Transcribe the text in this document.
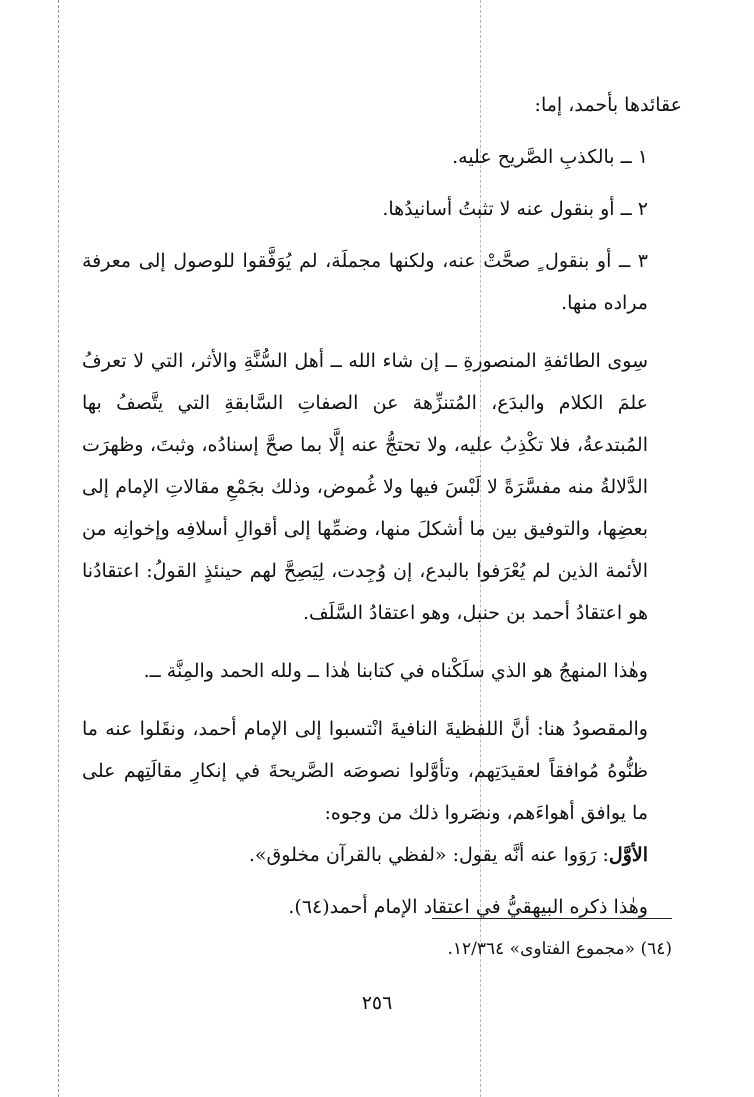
عقائدها بأحمد، إما:

١ ــ بالكذبِ الصَّريح عليه.

٢ ــ أو بنقول عنه لا تثبتُ أسانيدُها.

٣ ــ أو بنقول ٍ صحَّتْ عنه، ولكنها مجملَة، لم يُوَفَّقوا للوصول إلى معرفة مراده منها.

سِوى الطائفةِ المنصورةِ ــ إن شاء الله ــ أهل السُّنَّةِ والأثر، التي لا تعرفُ علمَ الكلام والبدَع، المُتنزِّهة عن الصفاتِ السَّابقةِ التي يتَّصفُ بها المُبتدعةُ، فلا تكْذِبُ عليه، ولا تحتجُّ عنه إلَّا بما صحَّ إسنادُه، وثبتَ، وظهرَت الدَّلالةُ منه مفسَّرَةً لا لَبْسَ فيها ولا غُموض، وذلك بجَمْعِ مقالاتِ الإمام إلى بعضِها، والتوفيق بين ما أشكلَ منها، وضمِّها إلى أقوالِ أسلافِه وإخوانِه من الأئمة الذين لم يُعْرَفوا بالبدع، إن وُجِدت، لِيَصِحَّ لهم حينئذٍ القولُ: اعتقادُنا هو اعتقادُ أحمد بن حنبل، وهو اعتقادُ السَّلَف.

وهٰذا المنهجُ هو الذي سلَكْناه في كتابنا هٰذا ــ ولله الحمد والمِنَّة ــ.

والمقصودُ هنا: أنَّ اللفظيةَ النافيةَ انْتسبوا إلى الإمام أحمد، ونقَلوا عنه ما ظنُّوهُ مُوافقاً لعقيدَتِهم، وتأوَّلوا نصوصَه الصَّريحةَ في إنكارِ مقالَتِهم على ما يوافق أهواءَهم، ونصَروا ذلك من وجوه:

الأوَّل: رَوَوا عنه أنَّه يقول: «لفظي بالقرآن مخلوق».

وهٰذا ذكره البيهقيُّ في اعتقاد الإمام أحمد(٦٤).

(٦٤) «مجموع الفتاوى» ١٢/٣٦٤.
٢٥٦
